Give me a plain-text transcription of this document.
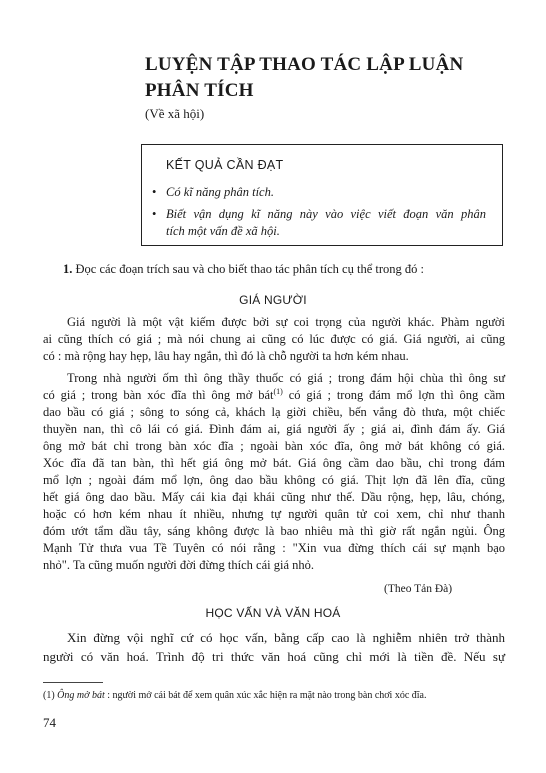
LUYỆN TẬP THAO TÁC LẬP LUẬN
PHÂN TÍCH
(Về xã hội)
KẾT QUẢ CẦN ĐẠT
• Có kĩ năng phân tích.
• Biết vận dụng kĩ năng này vào việc viết đoạn văn phân
tích một vấn đề xã hội.
1. Đọc các đoạn trích sau và cho biết thao tác phân tích cụ thể trong đó :
GIÁ NGƯỜI
Giá người là một vật kiếm được bởi sự coi trọng của người khác. Phàm người
ai cũng thích có giá ; mà nói chung ai cũng có lúc được có giá. Giá người, ai cũng
có : mà rộng hay hẹp, lâu hay ngắn, thì đó là chỗ người ta hơn kém nhau.
Trong nhà người ốm thì ông thầy thuốc có giá ; trong đám hội chùa thì ông sư
có giá ; trong bàn xóc đĩa thì ông mở bát$^{(1)}$ có giá ; trong đám mổ lợn thì ông cầm
dao bầu có giá ; sông to sóng cả, khách lạ giời chiều, bến vắng đò thưa, một chiếc
thuyền nan, thì cô lái có giá. Đình đám ai, giá người ấy ; giá ai, đình đám ấy. Giá
ông mở bát chỉ trong bàn xóc đĩa ; ngoài bàn xóc đĩa, ông mở bát không có giá.
Xóc đĩa đã tan bàn, thì hết giá ông mở bát. Giá ông cầm dao bầu, chỉ trong đám
mổ lợn ; ngoài đám mổ lợn, ông dao bầu không có giá. Thịt lợn đã lên đĩa, cũng
hết giá ông dao bầu. Mấy cái kia đại khái cũng như thế. Dầu rộng, hẹp, lâu, chóng,
hoặc có hơn kém nhau ít nhiều, nhưng tự người quân tử coi xem, chỉ như thanh
đóm ướt tẩm dầu tây, sáng không được là bao nhiêu mà thì giờ rất ngắn ngủi. Ông
Mạnh Tử thưa vua Tề Tuyên có nói rằng : "Xin vua đừng thích cái sự mạnh bạo
nhỏ". Ta cũng muốn người đời đừng thích cái giá nhỏ.
(Theo Tản Đà)
HỌC VẤN VÀ VĂN HOÁ
Xin đừng vội nghĩ cứ có học vấn, bằng cấp cao là nghiễm nhiên trở thành
người có văn hoá. Trình độ tri thức văn hoá cũng chỉ mới là tiền đề. Nếu sự
(1) Ông mở bát : người mở cái bát để xem quân xúc xắc hiện ra mặt nào trong bàn chơi xóc đĩa.
74
